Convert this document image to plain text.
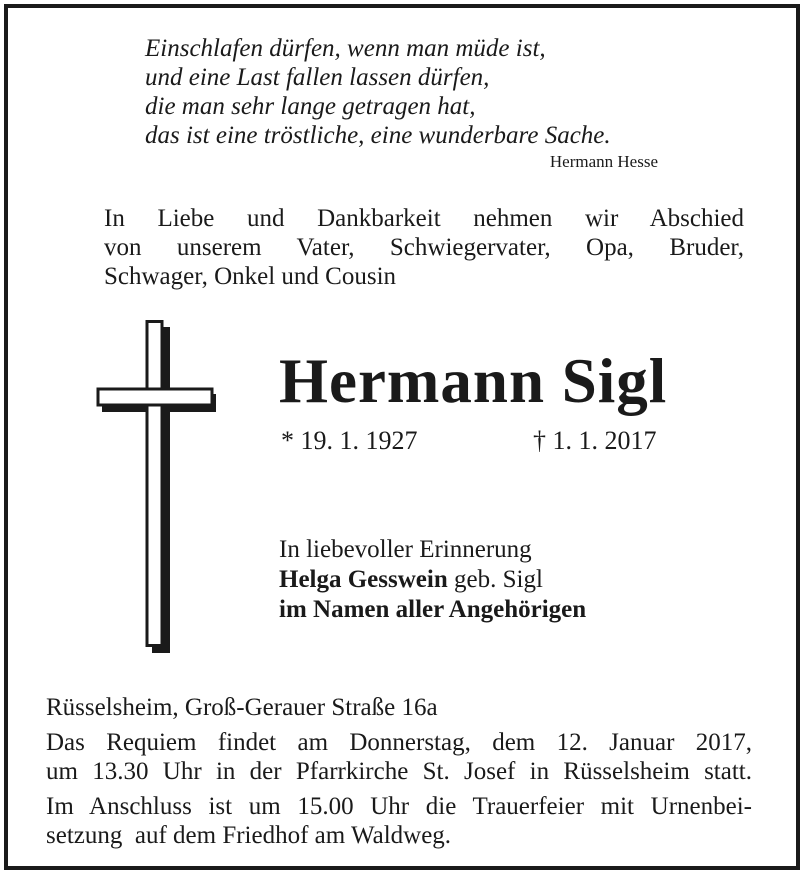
Einschlafen dürfen, wenn man müde ist,
und eine Last fallen lassen dürfen,
die man sehr lange getragen hat,
das ist eine tröstliche, eine wunderbare Sache.
Hermann Hesse
In Liebe und Dankbarkeit nehmen wir Abschied
von unserem Vater, Schwiegervater, Opa, Bruder,
Schwager, Onkel und Cousin
Hermann Sigl
* 19. 1. 1927	† 1. 1. 2017
In liebevoller Erinnerung
Helga Gesswein geb. Sigl
im Namen aller Angehörigen
Rüsselsheim, Groß-Gerauer Straße 16a
Das Requiem findet am Donnerstag, dem 12. Januar 2017,
um 13.30 Uhr in der Pfarrkirche St. Josef in Rüsselsheim statt.
Im Anschluss ist um 15.00 Uhr die Trauerfeier mit Urnenbei-
setzung  auf dem Friedhof am Waldweg.
